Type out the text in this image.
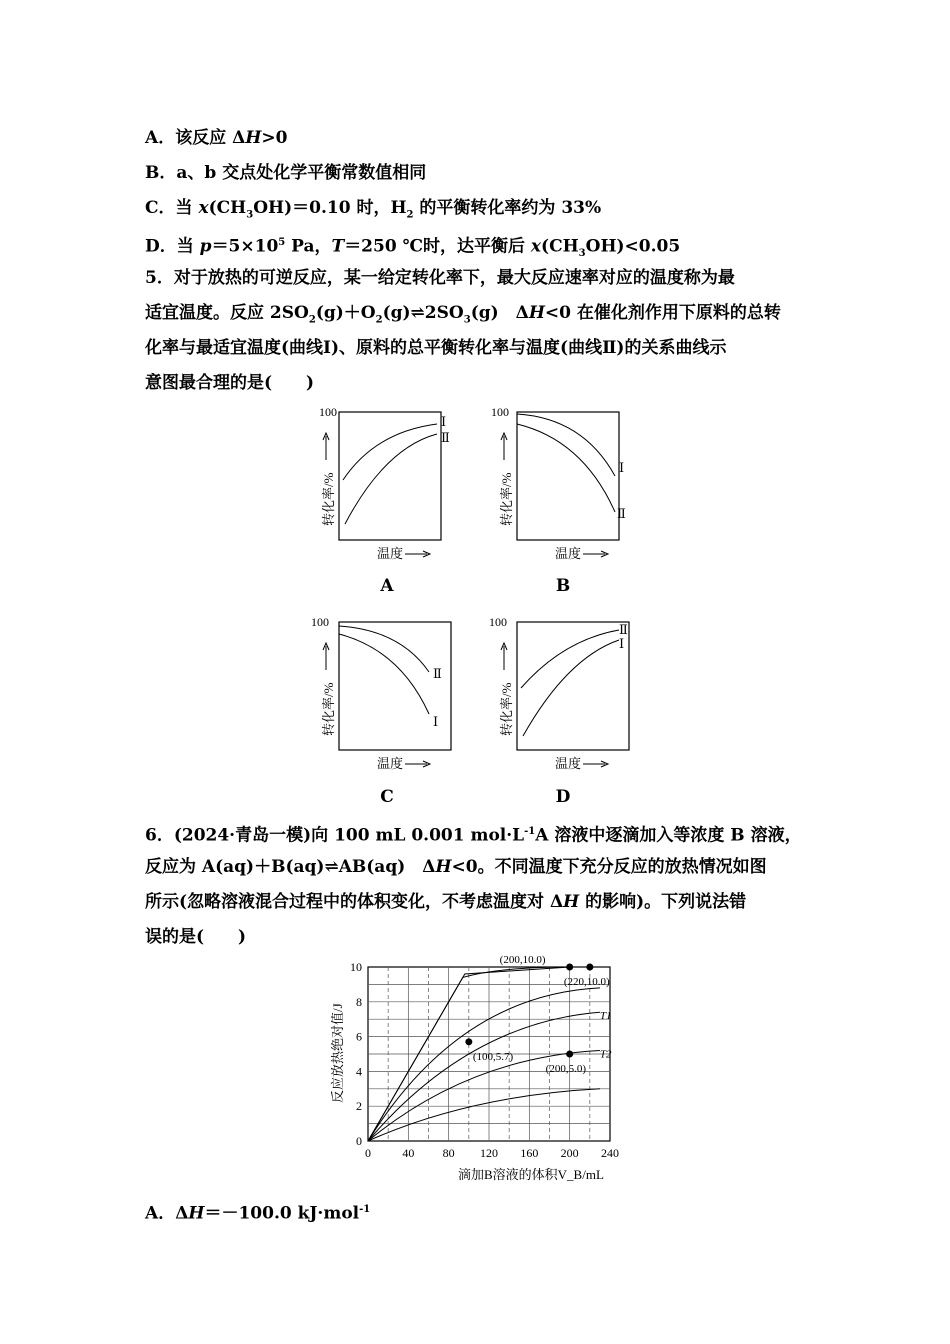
A．该反应 ΔH>0
B．a、b 交点处化学平衡常数值相同
C．当 $x(CH_3OH)=0.10$ 时，$H_2$ 的平衡转化率约为 33%
D．当 $p=5\times 10^5$ Pa，T＝250 ℃时，达平衡后 $x(CH_3OH)<0.05$
5．对于放热的可逆反应，某一给定转化率下，最大反应速率对应的温度称为最
适宜温度。反应 $2SO_2(g)+O_2(g)\rightleftharpoons 2SO_3(g)$　ΔH<0 在催化剂作用下原料的总转
化率与最适宜温度(曲线Ⅰ)、原料的总平衡转化率与温度(曲线Ⅱ)的关系曲线示
意图最合理的是(　　)
100
转化率/%
温度
Ⅰ
Ⅱ
A
100
转化率/%
温度
Ⅰ
Ⅱ
B
100
转化率/%
温度
Ⅱ
Ⅰ
C
100
转化率/%
温度
Ⅱ
Ⅰ
D
6．(2024·青岛一模)向 100 mL 0.001 $mol\cdot L^{-1}A$ 溶液中逐滴加入等浓度 B 溶液，
反应为 A(aq)＋B(aq)⇌AB(aq)　ΔH<0。不同温度下充分反应的放热情况如图
所示(忽略溶液混合过程中的体积变化，不考虑温度对 ΔH 的影响)。下列说法错
误的是(　　)
0	40 80 120 160 200 240
0
2
4
6
8
10
T1
T2
(200,10.0)
(220,10.0)
(100,5.7)
(200,5.0)
反应放热绝对值/J
滴加B溶液的体积V_B/mL
A．ΔH＝－100.0 kJ·mol$^{-1}$
